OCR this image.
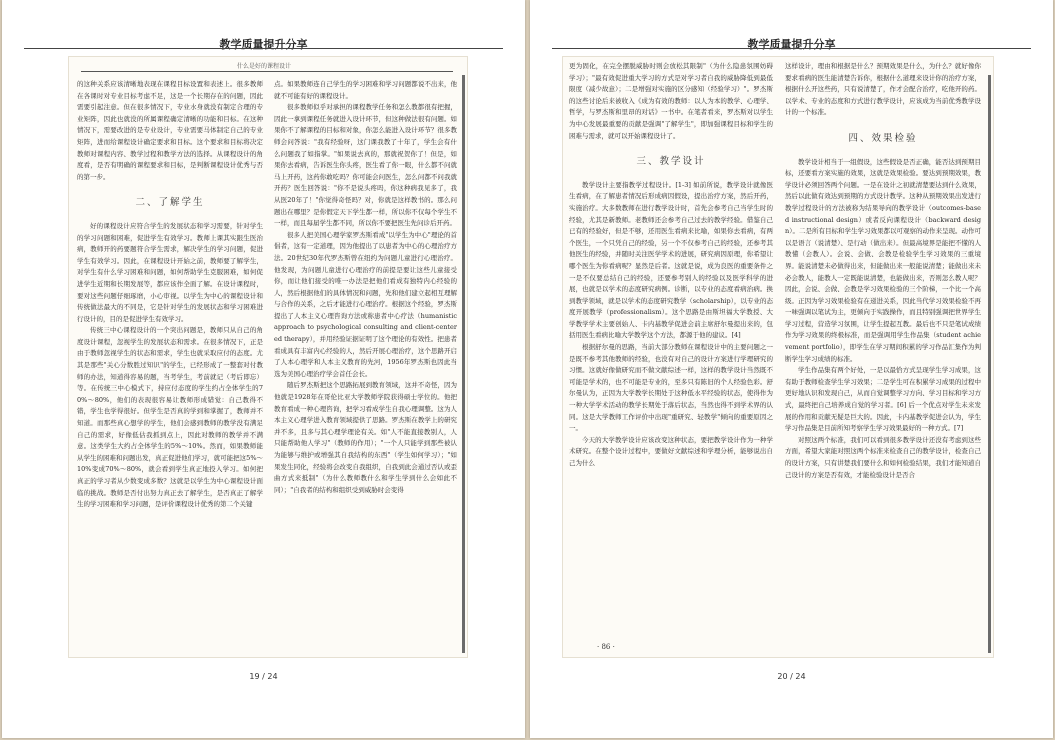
教学质量提升分享
什么是好的课程设计

的这种关系应该清晰地表现在课程目标设置和表述上。很多教师在各课时对专业目标考虑不足，这是一个长期存在的问题，因此需要引起注意。但在很多情况下，专业水身就没有制定合理的专业矩阵，因此也就没的所属课程确定清晰的功能和目标。在这种情况下，需要改进的是专业设计，专业需要马体制定自己的专业矩阵，进而给课程设计确定要求和目标。这个要求和目标将决定教师对课程内容、教学过程和教学方法的选择。从课程设计的角度看，是否有明确的课程要求和目标，是判断课程设计优秀与否的第一步。

二、了解学生

好的课程设计应符合学生的发展状态和学习需要，针对学生的学习问题和困难，促进学生有效学习。教师上课其实跟生医治病，教师开的药要题符合学生需求，解决学生的学习问题，促进学生有效学习。因此，在课程设计开始之前，教师要了解学生，对学生有什么学习困难和问题，如何帮助学生克服困难，如何促进学生近期和长期发展等，都应该作全面了解。在设计课程时，要对这些问题仔细琢磨，小心审视。以学生为中心的课程设计和传统做法最大的不同是，它是针对学生的发展状态和学习困难进行设计的，目的是促进学生有效学习。

传统三中心课程设计的一个突出问题是，教师只从自己的角度设计课程，忽视学生的发展状态和需求。在很多情况下，正是由于教师忽视学生的状态和需求，学生也就采取应付的态度。尤其是那些"关心分数胜过知识"的学生，已经形成了一整套对付教师的办法，知道得容易的题，当考学生，考前就记（考后即忘）等。在传统三中心模式下，持应付态度的学生约占全体学生的70%～80%，他们的表现很容易让教师形成错觉：自己教得不错，学生也学得很好。但学生是否真的学到和掌握了，教师并不知道。而那些真心想学的学生，他们会感到教师的教学没有满足自己的需求，好像低估我抓到点上，因此对教师的教学并不满意。这类学生大约占全体学生的5%～10%。然而，如果教师能从学生的困难和问题出发，真正促进他们学习，就可能把这5%～10%变成70%～80%，就会看到学生真正地投入学习。如何把真正的学习者从少数变成多数？这就是以学生为中心课程设计面临的挑战。教师是否付出努力真正去了解学生，是否真正了解学生的学习困难和学习问题，是评价课程设计优秀的第二个关键

点。如果教师连自己学生的学习困难和学习问题都说不出来，他就不可能有好的课程设计。

很多教师似乎对承担的课程教学任务和怎么教都很有把握，因此一拿到课程任务就进入设计环节，但这种做法很有问题。如果你不了解课程的目标和对象，你怎么能进入设计环节？很多教师会问答说："我有经验呀，这门课我教了十年了，学生会有什么问题我了如指掌。"如果说去真的，那就祝贺你了！但是，如果你去看病，告诉医生你头疼，医生看了你一眼，什么都不问就马上开药，这药你敢吃吗？你可能会问医生，怎么问都不问我就开药？医生回答说："你不是说头疼吗，你这种病我见多了，我从医20年了！"你觉得奇怪吗？对，你就是这样教书的。那么问题出在哪里？是你假定天下学生都一样，所以你不仅每个学生不一样，而且每届学生都不同，所以你不要把医生先问诊后开药。

很多人把美国心理学家罗杰斯看成"以学生为中心"理论的首倡者，这有一定道理，因为他提出了以患者为中心的心理治疗方法。20世纪30年代罗杰斯曾在纽约为问题儿童进行心理治疗。他发现，为问题儿童进行心理治疗的前提是要让这些儿童接受你，而让他们接受的唯一办法是把他们看成有独特内心经验的人，然后根据他们的具体情况和问题，先和他们建立起相互理解与合作的关系，之后才能进行心理治疗。根据这个经验，罗杰斯提出了人本主义心理咨询方法或称患者中心疗法（humanistic approach to psychological consulting and client-centered therapy），并用经验证据证明了这个理论的有效性。把患者看成具有丰富内心经验的人，然后开展心理治疗，这个思路开启了人本心理学和人本主义教育的先河，1956年罗杰斯也因此当选为美国心理治疗学会首任会长。

随后罗杰斯把这个思路拓展到教育领域，这并不奇怪，因为他就是1928年在哥伦比亚大学教师学院获得硕士学位的。他把教育看成一种心理咨询，把学习看成学生自我心理调整。这为人本主义心理学进入教育领域提供了思路。罗杰斯在教学上的研究并不多，且多与其心理学理论有关。如"人不能直接教别人，人只能帮助他人学习"（教师的作用）；"一个人只能学到那些被认为能够与维护或增强其自我结构的东西"（学生如何学习）；"如果发生同化，经验将会改变自我组织，自我到此会通过否认或歪曲方式来抵制"（为什么教师教什么和学生学到什么会如此不同）；"自我者的结构和组织受到威胁时会变得

19 / 24
教学质量提升分享

更为固化，在完全摆脱威胁时则会放松其限制"（为什么隐患氛围妨碍学习）；"最有效促进重大学习的方式是对学习者自我的威胁降低到最低限度（减少故意）；二是增强对实施的区分感知（经验学习）"。罗杰斯的这些讨论后来被收入《成为有效的教师：以人为本的教学、心理学、哲学，与罗杰斯和里昂的对话》一书中。在笔者看来，罗杰斯对以学生为中心发展最重要的贡献是强调"了解学生"，即加强课程目标和学生的困难与需求，就可以开始课程设计了。

三、教学设计

教学设计主要指教学过程设计。[1-3] 如前所说，教学设计就像医生看病，在了解患者情况后形成病因假设，提出治疗方案，然后开药，实施治疗。大多数教师在进行教学设计时，首先会参考自己当学生时的经验，尤其是新教师。老教师还会参考自己过去的教学经验。借鉴自己已有的经验好，但是不够，还用医生看病来比喻，如果你去看病，有两个医生，一个只凭自己的经验，另一个不仅参考自己的经验，还参考其他医生的经验，并随时关注医学学术的进展，研究病因原理，你希望让哪个医生为你看病呢？显然是后者。这就是说，成为良医的重要条件之一是不仅要总结自己的经验，还要参考别人的经验以及医学科学的进展，也就是以学术的态度研究病例。诊断，以专业的态度看病治病。换到教学领域，就是以学术的态度研究教学（scholarship），以专业的态度开展教学（professionalism）。这个思路是由斯坦福大学教授、大学教学学术主要创始人、卡内基教学促进会前主席舒尔曼提出来的，包括用医生看病比喻大学教学这个方法，都源于他的建议。[4]

根据舒尔曼的思路，当前大部分教师在课程设计中的主要问题之一是既不参考其他教师的经验，也没有对自己的设计方案进行学理研究的习惯。这就好像做研究而不做文献综述一样，这样的教学设计当然既不可能是学术的，也不可能是专业的，至多只有陈旧的个人经验色彩。舒尔曼认为，正因为大学教学长期处于这种低水平经验的状态，使得作为一种大学学术活动的教学长期处于落后状态，当然也得不到学术界的认同。这是大学教师工作评价中出现"重研究、轻教学"倾向的重要原因之一。

今天的大学教学设计应该改变这种状态，要把教学设计作为一种学术研究。在整个设计过程中，要做好文献综述和学理分析，能够说出自己为什么

这样设计，理由和根据是什么？预期效果是什么，为什么？就好像你要求看病的医生能清楚告诉你，根据什么道理来设计你的治疗方案，根据什么开这些药，只有说清楚了，作才会配合治疗，吃他开的药。以学术、专业的态度和方式进行教学设计，应该成为当前优秀教学设计的一个标准。

四、效果检验

教学设计相当于一组假设，这些假设是否正确，能否达到预期目标，还要看方案实施的效果，这就是效果检验。要达到预期效果，教学设计必须回答两个问题。一是在设计之初就清楚要达到什么效果，然后以此做有效达到预期的方式设计教学。这种从预期效果出发进行教学过程设计的方法被称为结果导向的教学设计（outcomes-based instructional design）或者反向课程设计（backward design）。二是所有目标和学生学习效果都以可观察的动作来呈现。动作可以是语言（说清楚）、是行动（做出来）。但最高境界是能把不懂的人教懂（会教人）。会说、会做、会教是检验学生学习效果的三重境界。能说清楚未必做得出来，但能做出来一般能说清楚；能做出来未必会教人，能教人一定既能说清楚，也能做出来，否则怎么教人呢？因此，会说、会做、会教是学习效果检验的三个阶梯，一个比一个高级。正因为学习效果检验有在递进关系，因此当代学习效果检验不再一味强调以笔试为主，更倾向于实践操作，而且特别强调把世界学生学习过程，营造学习氛围，让学生提起互教。最后也不只是笔试成绩作为学习效果的终极标准，而是强调用学生作品集（student achievement portfolio），即学生在学习期间积累的学习作品汇集作为判断学生学习成绩的标准。

学生作品集有两个好处，一是以最恰方式呈现学生学习成果，这有助于教师检查学生学习效果；二是学生可在积累学习成果的过程中更好地认识和发现自己，从而自觉调整学习方向、学习目标和学习方式，最终把自己培养成自觉的学习者。[6] 后一个优点对学生未来发展的作用和贡献无疑是巨大的。因此，卡内基教学促进会认为，学生学习作品集是目前所知考察学生学习效果最好的一种方式。[7]

对照这两个标准，我们可以看到很多教学设计还没有考虑到这些方面，希望大家能对照这两个标准来检查自己的教学设计，检查自己的设计方案，只有讲楚我们要什么和如何检验结果，我们才能知道自己设计的方案是否有效，才能检验设计是否合

· 86 ·
20 / 24
